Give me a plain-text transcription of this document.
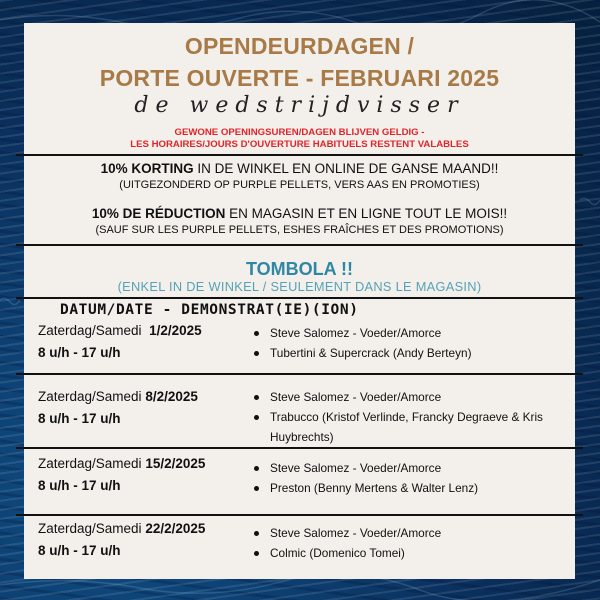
OPENDEURDAGEN /
PORTE OUVERTE - FEBRUARI 2025
de wedstrijdvisser
GEWONE OPENINGSUREN/DAGEN BLIJVEN GELDIG -
LES HORAIRES/JOURS D'OUVERTURE HABITUELS RESTENT VALABLES
10% KORTING IN DE WINKEL EN ONLINE DE GANSE MAAND!!
(UITGEZONDERD OP PURPLE PELLETS, VERS AAS EN PROMOTIES)
10% DE RÉDUCTION EN MAGASIN ET EN LIGNE TOUT LE MOIS!!
(SAUF SUR LES PURPLE PELLETS, ESHES FRAÎCHES ET DES PROMOTIONS)
TOMBOLA !!
(ENKEL IN DE WINKEL / SEULEMENT DANS LE MAGASIN)
DATUM/DATE - DEMONSTRAT(IE)(ION)
Zaterdag/Samedi 1/2/2025
8 u/h - 17 u/h
Steve Salomez - Voeder/Amorce
Tubertini & Supercrack (Andy Berteyn)
Zaterdag/Samedi 8/2/2025
8 u/h - 17 u/h
Steve Salomez - Voeder/Amorce
Trabucco (Kristof Verlinde, Francky Degraeve & Kris Huybrechts)
Zaterdag/Samedi 15/2/2025
8 u/h - 17 u/h
Steve Salomez - Voeder/Amorce
Preston (Benny Mertens & Walter Lenz)
Zaterdag/Samedi 22/2/2025
8 u/h - 17 u/h
Steve Salomez - Voeder/Amorce
Colmic (Domenico Tomei)
